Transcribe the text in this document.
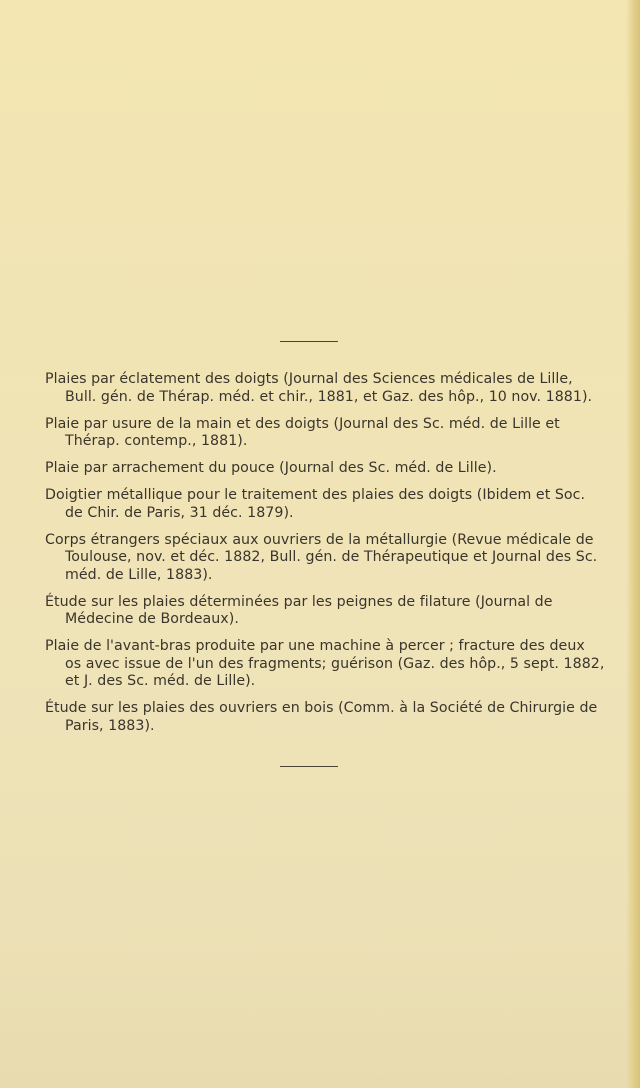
Plaies par éclatement des doigts (Journal des Sciences médicales de Lille, Bull. gén. de Thérap. méd. et chir., 1881, et Gaz. des hôp., 10 nov. 1881).

Plaie par usure de la main et des doigts (Journal des Sc. méd. de Lille et Thérap. contemp., 1881).

Plaie par arrachement du pouce (Journal des Sc. méd. de Lille).

Doigtier métallique pour le traitement des plaies des doigts (Ibidem et Soc. de Chir. de Paris, 31 déc. 1879).

Corps étrangers spéciaux aux ouvriers de la métallurgie (Revue médicale de Toulouse, nov. et déc. 1882, Bull. gén. de Thérapeutique et Journal des Sc. méd. de Lille, 1883).

Étude sur les plaies déterminées par les peignes de filature (Journal de Médecine de Bordeaux).

Plaie de l'avant-bras produite par une machine à percer ; fracture des deux os avec issue de l'un des fragments; guérison (Gaz. des hôp., 5 sept. 1882, et J. des Sc. méd. de Lille).

Étude sur les plaies des ouvriers en bois (Comm. à la Société de Chirurgie de Paris, 1883).
